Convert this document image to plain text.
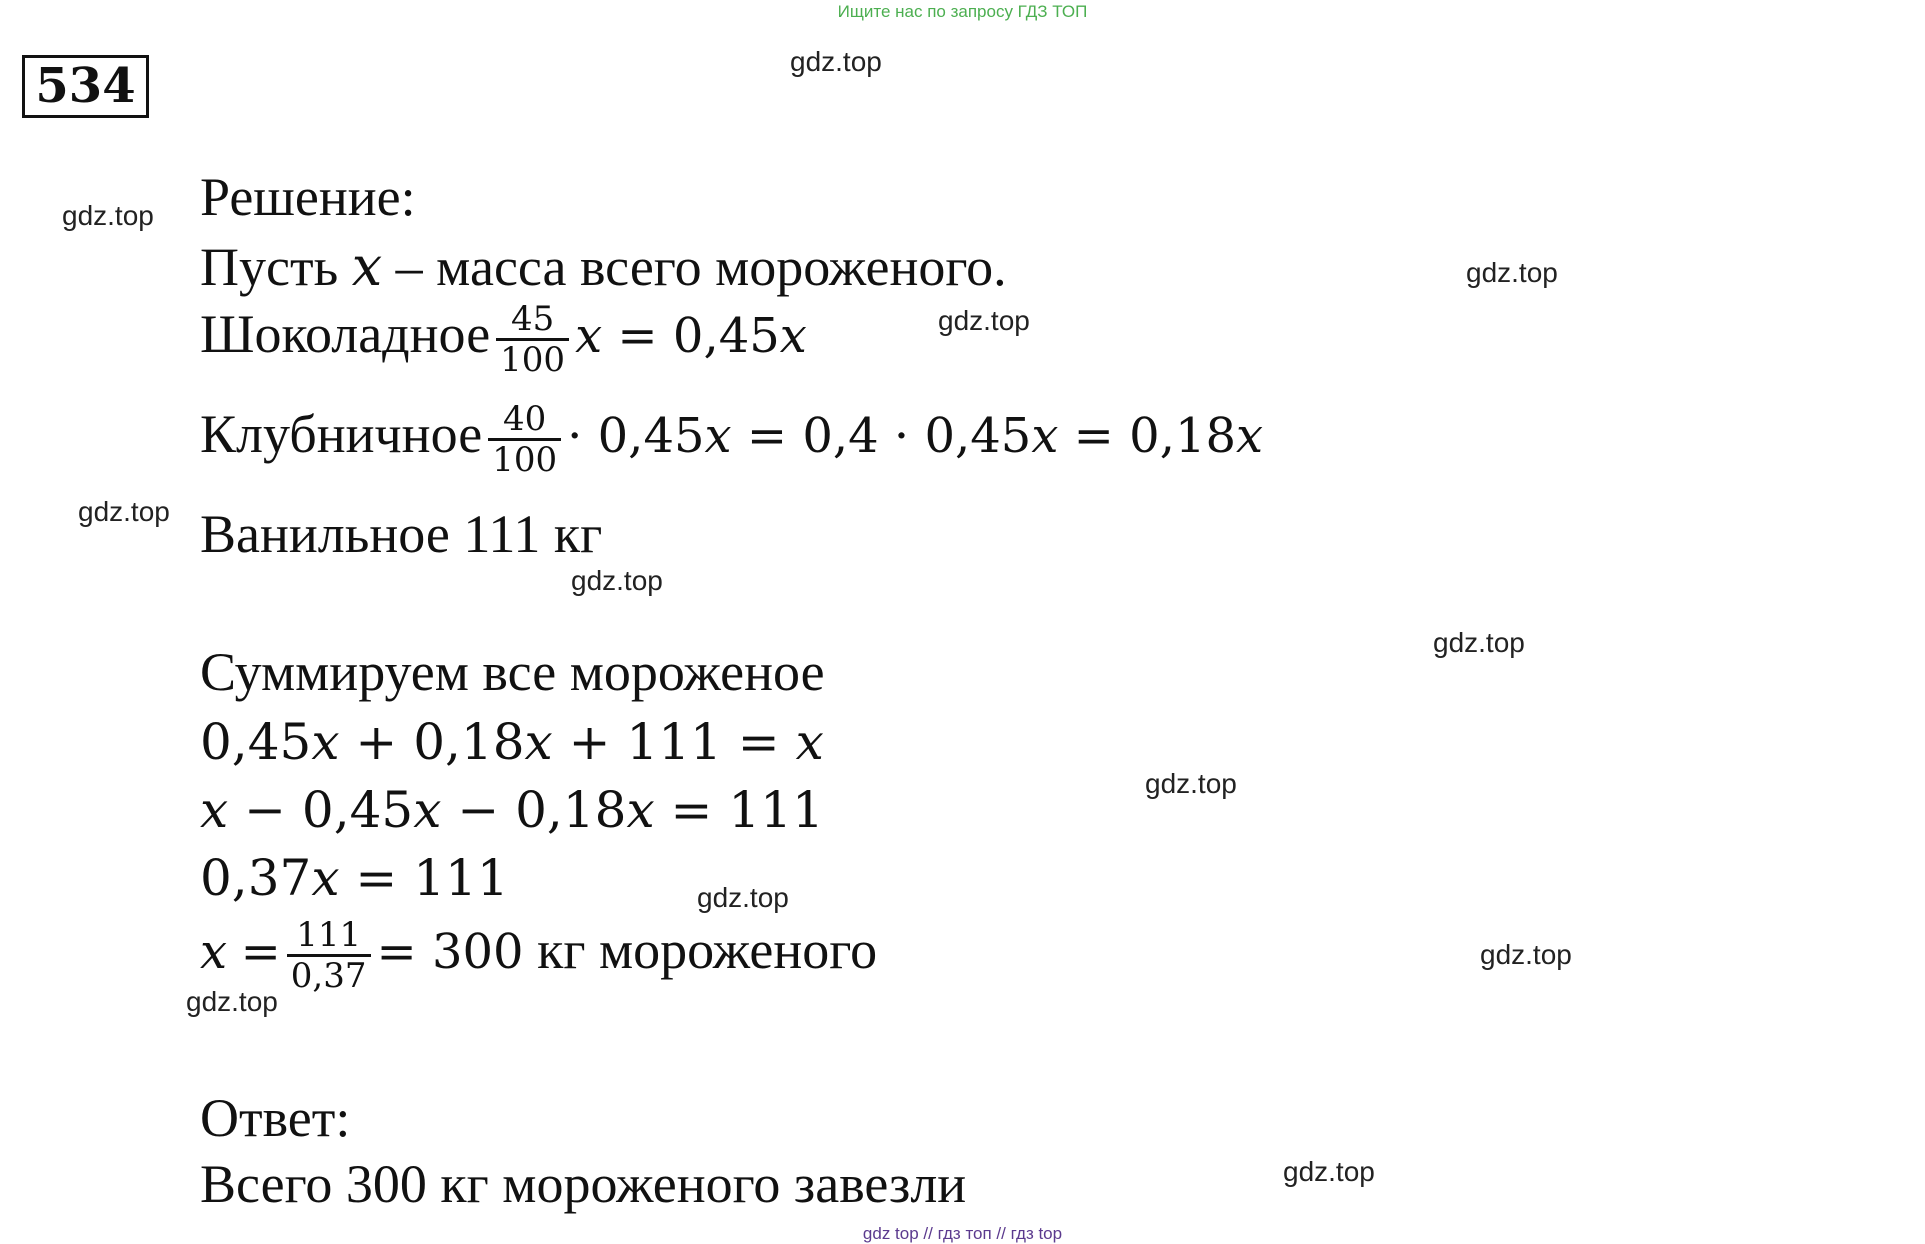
Ищите нас по запросу ГДЗ ТОП
534	gdz.top
gdz.top
gdz.top
gdz.top
gdz.top
gdz.top
gdz.top
gdz.top
gdz.top
gdz.top
gdz.top
gdz.top
Решение:
Пусть x – масса всего мороженого.
Шоколадное $\frac{45}{100}$ x = 0,45x
Клубничное $\frac{40}{100} \cdot 0,45x = 0,4 \cdot 0,45x = 0,18x$
Ванильное 111 кг
Суммируем все мороженое
0,45x + 0,18x + 111 = x
x − 0,45x − 0,18x = 111
0,37x = 111
$x = \frac{111}{0,37} = 300$ кг мороженого
Ответ:
Всего 300 кг мороженого завезли
gdz top // гдз топ // гдз top
